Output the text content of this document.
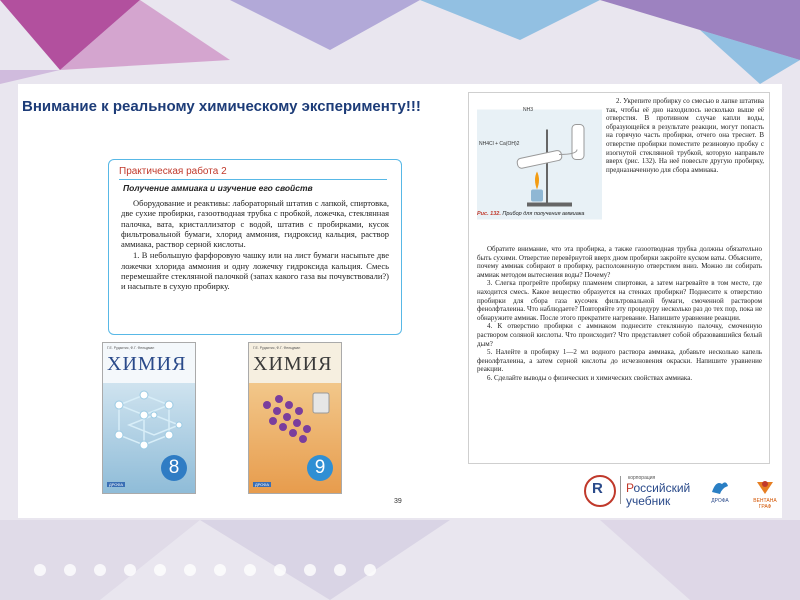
Внимание к реальному химическому эксперименту!!!
Практическая работа 2
Получение аммиака и изучение его свойств

Оборудование и реактивы: лабораторный штатив с лапкой, спиртовка, две сухие пробирки, газоотводная трубка с пробкой, ложечка, стеклянная палочка, вата, кристаллизатор с водой, штатив с пробирками, кусок фильтровальной бумаги, хлорид аммония, гидроксид кальция, раствор аммиака, раствор серной кислоты.

1. В небольшую фарфоровую чашку или на лист бумаги насыпьте две ложечки хлорида аммония и одну ложечку гидроксида кальция. Смесь перемешайте стеклянной палочкой (запах какого газа вы почувствовали?) и насыпьте в сухую пробирку.

Г.Е. Рудзитис, Ф.Г. Фельдман
ХИМИЯ
8
ДРОФА
Г.Е. Рудзитис, Ф.Г. Фельдман
ХИМИЯ
9
ДРОФА
NH3
NH4Cl + Ca(OH)2
Рис. 132. Прибор для получения аммиака

2. Укрепите пробирку со смесью в лапке штатива так, чтобы её дно находилось несколько выше её отверстия. В противном случае капли воды, образующейся в результате реакции, могут попасть на горячую часть пробирки, отчего она треснет. В отверстие пробирки поместите резиновую пробку с изогнутой стеклянной трубкой, которую направьте вверх (рис. 132). На неё повесьте другую пробирку, предназначенную для сбора аммиака.

Обратите внимание, что эта пробирка, а также газоотводная трубка должны обязательно быть сухими. Отверстие перевёрнутой вверх дном пробирки закройте куском ваты. Объясните, почему аммиак собирают в пробирку, расположенную отверстием вниз. Можно ли собирать аммиак методом вытеснения воды? Почему?

3. Слегка прогрейте пробирку пламенем спиртовки, а затем нагревайте в том месте, где находится смесь. Какое вещество образуется на стенках пробирки? Поднесите к отверстию пробирки для сбора газа кусочек фильтровальной бумаги, смоченной раствором фенолфталеина. Что наблюдаете? Повторяйте эту процедуру несколько раз до тех пор, пока не обнаружите аммиак. После этого прекратите нагревание. Напишите уравнение реакции.

4. К отверстию пробирки с аммиаком поднесите стеклянную палочку, смоченную раствором соляной кислоты. Что происходит? Что представляет собой образовавшийся белый дым?

5. Налейте в пробирку 1—2 мл водного раствора аммиака, добавьте несколько капель фенолфталеина, а затем серной кислоты до исчезновения окраски. Напишите уравнение реакции.

6. Сделайте выводы о физических и химических свойствах аммиака.

39
R
корпорация
Российский
учебник	ДРОФА	ВЕНТАНА ГРАФ
